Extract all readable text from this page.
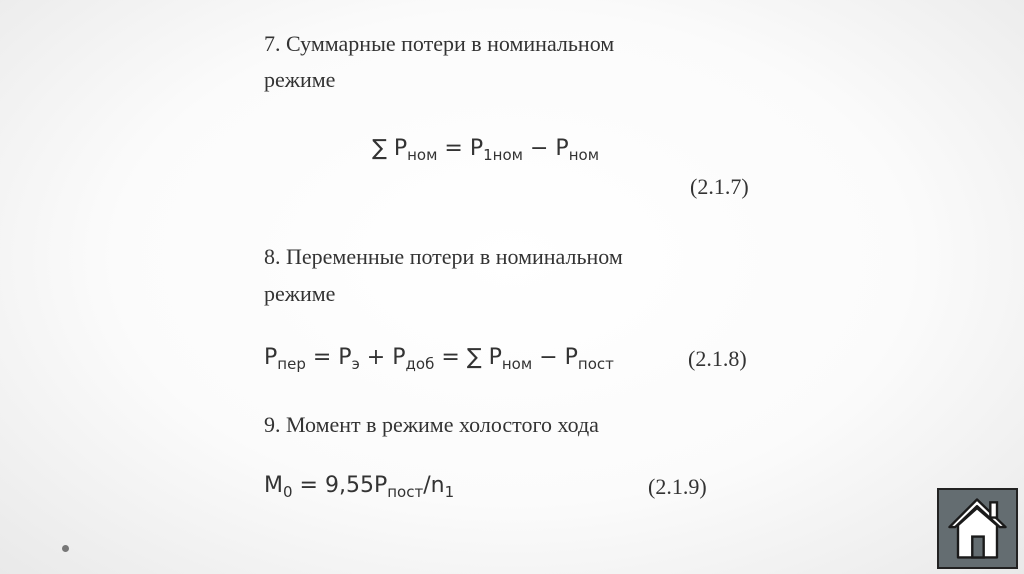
7. Суммарные потери в номинальном
режиме
∑ $P_{ном} = P_{1ном} - P_{ном}$
(2.1.7)
8. Переменные потери в номинальном
режиме
$P_{пер} = P_э + P_{доб}$ = ∑ $P_{ном} - P_{пост}$	(2.1.8)
9. Момент в режиме холостого хода
$M_0 = 9,55P_{пост}/n_1$	(2.1.9)
